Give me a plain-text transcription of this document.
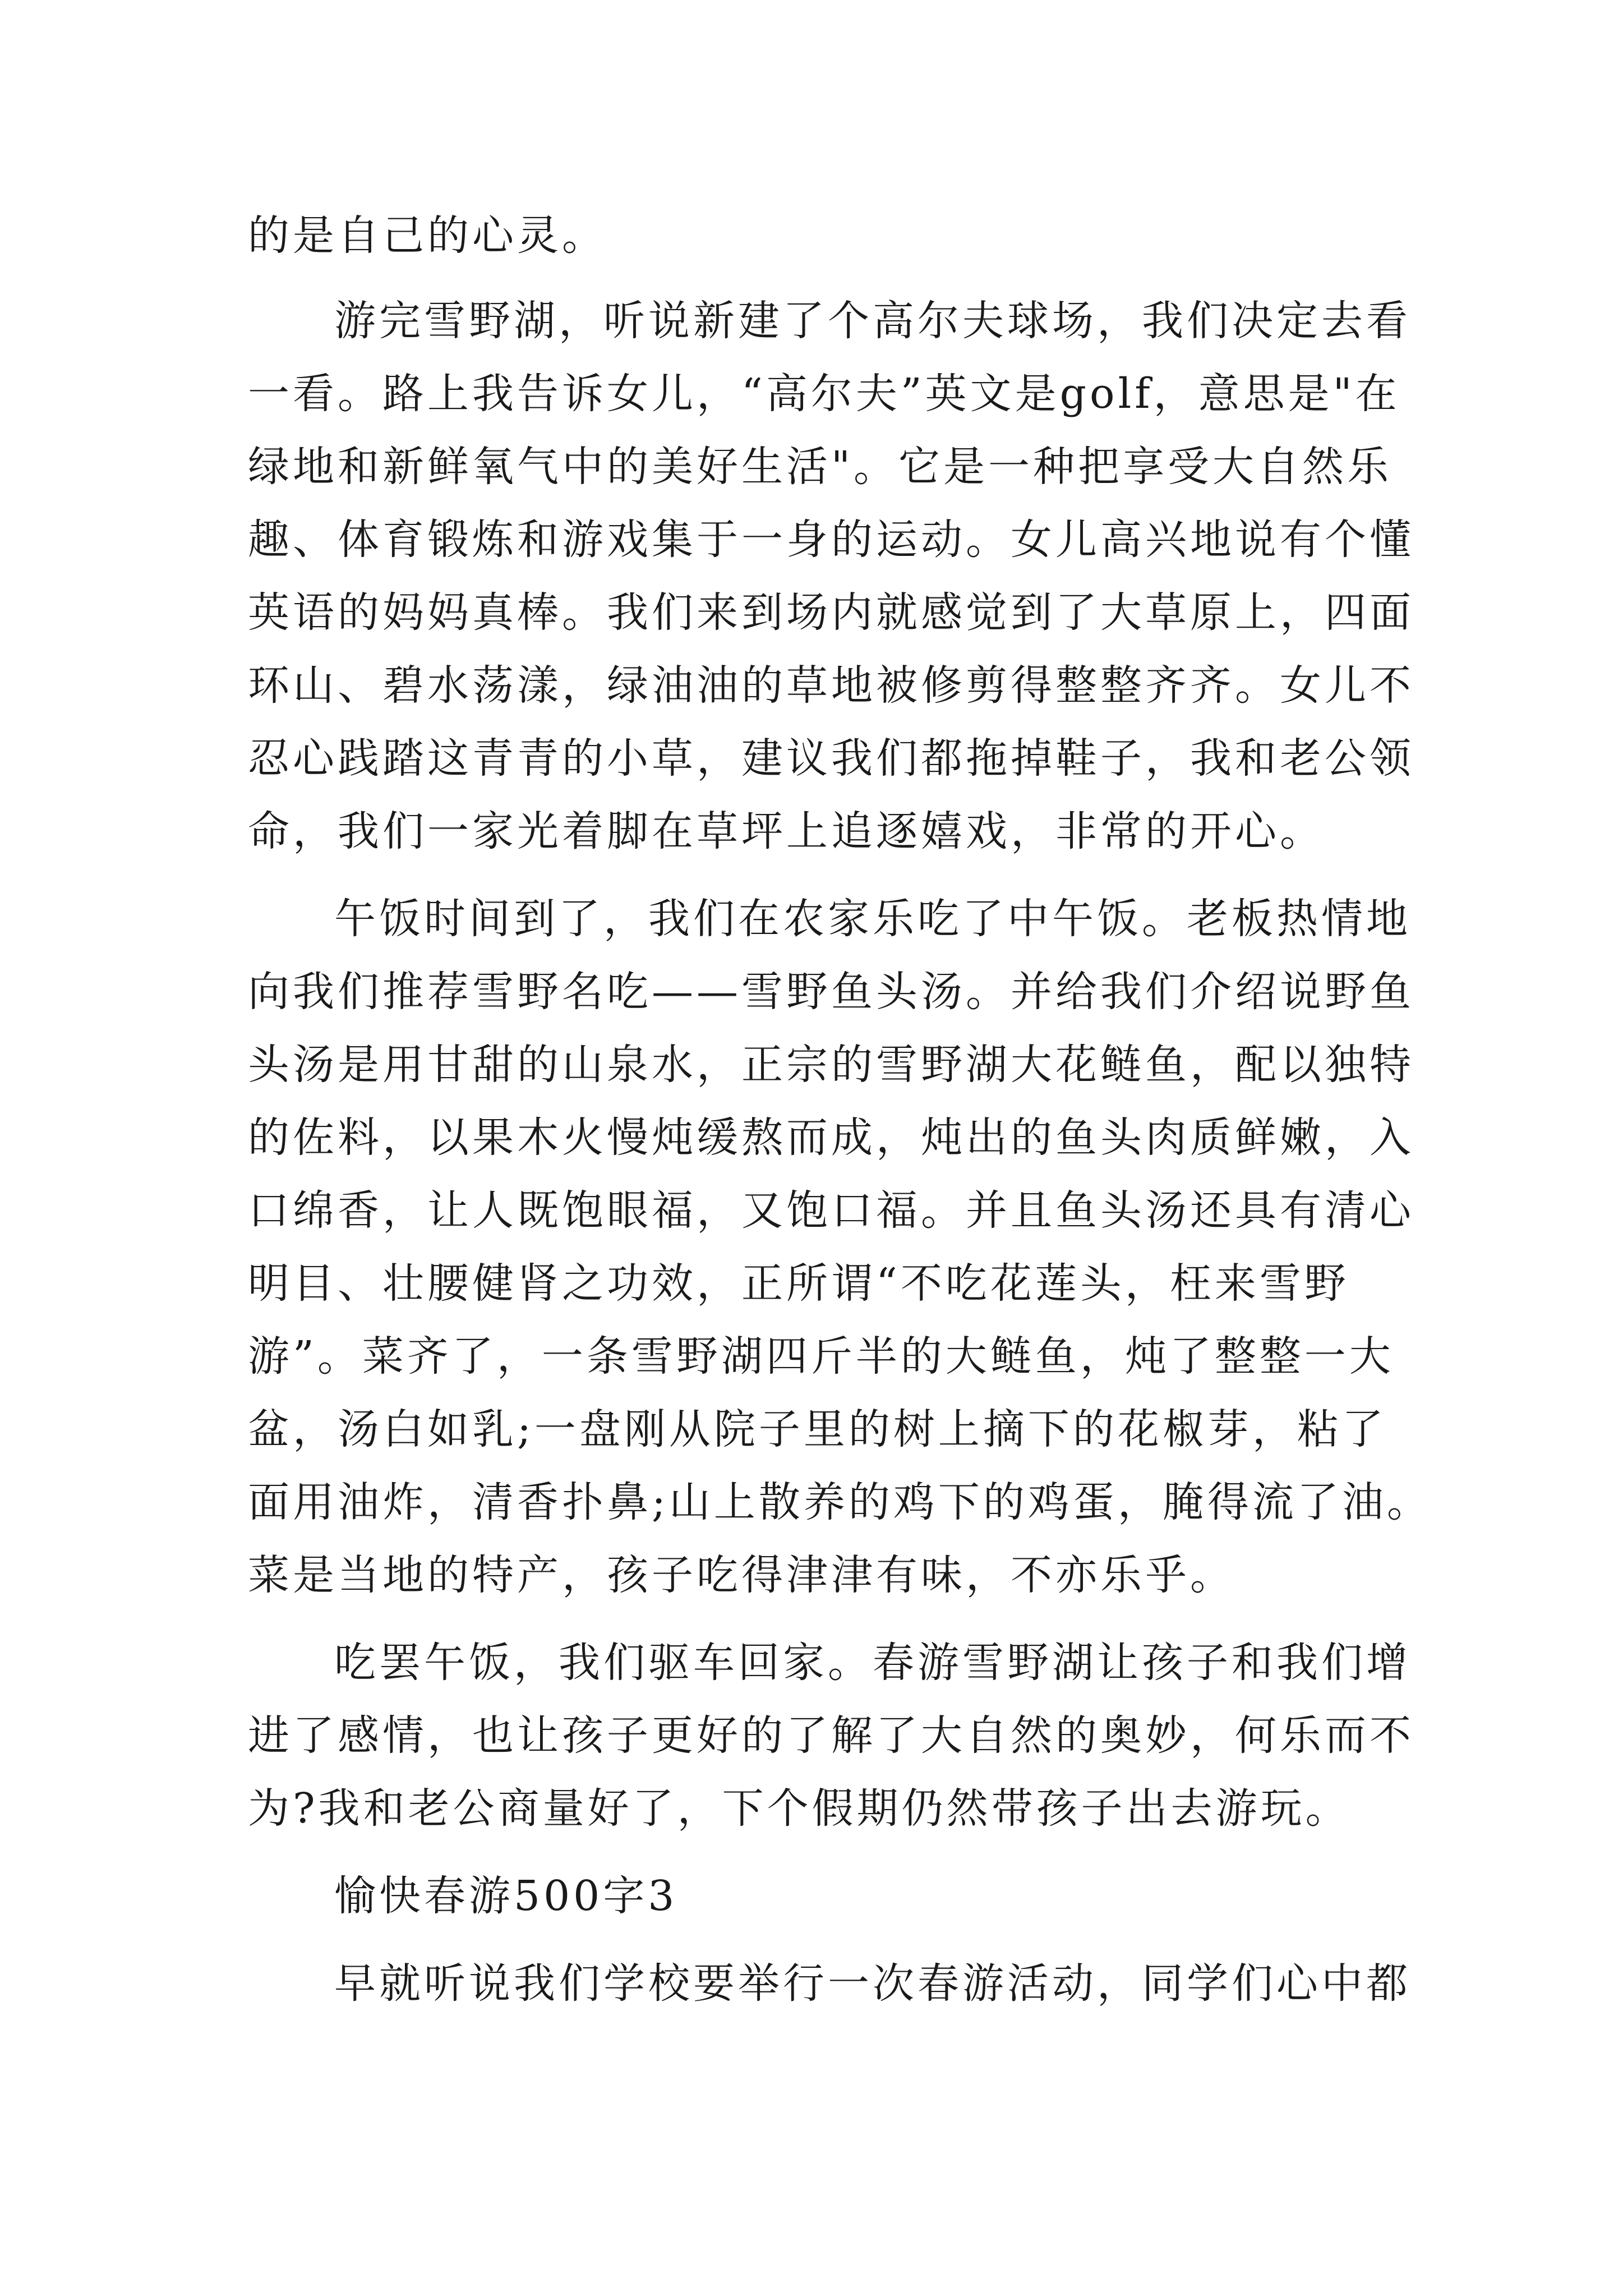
的是自己的心灵。

游完雪野湖，听说新建了个高尔夫球场，我们决定去看

一看。路上我告诉女儿，“高尔夫”英文是golf，意思是"在

绿地和新鲜氧气中的美好生活"。它是一种把享受大自然乐

趣、体育锻炼和游戏集于一身的运动。女儿高兴地说有个懂

英语的妈妈真棒。我们来到场内就感觉到了大草原上，四面

环山、碧水荡漾，绿油油的草地被修剪得整整齐齐。女儿不

忍心践踏这青青的小草，建议我们都拖掉鞋子，我和老公领

命，我们一家光着脚在草坪上追逐嬉戏，非常的开心。

午饭时间到了，我们在农家乐吃了中午饭。老板热情地

向我们推荐雪野名吃——雪野鱼头汤。并给我们介绍说野鱼

头汤是用甘甜的山泉水，正宗的雪野湖大花鲢鱼，配以独特

的佐料，以果木火慢炖缓熬而成，炖出的鱼头肉质鲜嫩，入

口绵香，让人既饱眼福，又饱口福。并且鱼头汤还具有清心

明目、壮腰健肾之功效，正所谓“不吃花莲头，枉来雪野

游”。菜齐了，一条雪野湖四斤半的大鲢鱼，炖了整整一大

盆，汤白如乳;一盘刚从院子里的树上摘下的花椒芽，粘了

面用油炸，清香扑鼻;山上散养的鸡下的鸡蛋，腌得流了油。

菜是当地的特产，孩子吃得津津有味，不亦乐乎。

吃罢午饭，我们驱车回家。春游雪野湖让孩子和我们增

进了感情，也让孩子更好的了解了大自然的奥妙，何乐而不

为?我和老公商量好了，下个假期仍然带孩子出去游玩。

愉快春游500字3

早就听说我们学校要举行一次春游活动，同学们心中都
